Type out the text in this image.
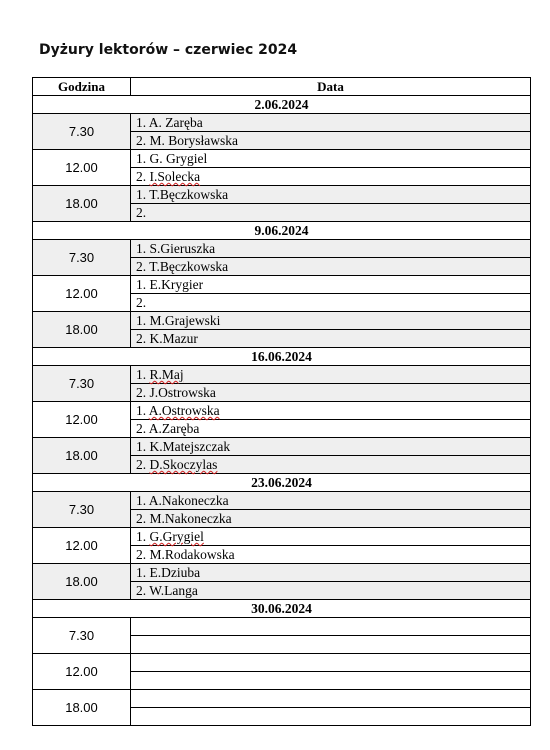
Dyżury lektorów – czerwiec 2024
Godzina	Data
2.06.2024	
7.30	1. A. Zaręba
	2. M. Borysławska
12.00	1. G. Grygiel
	2. I.Solecka
18.00	1. T.Bęczkowska
	2.
9.06.2024	
7.30	1. S.Gieruszka
	2. T.Bęczkowska
12.00	1. E.Krygier
	2.
18.00	1. M.Grajewski
	2. K.Mazur
16.06.2024	
7.30	1. R.Maj
	2. J.Ostrowska
12.00	1. A.Ostrowska
	2. A.Zaręba
18.00	1. K.Matejszczak
	2. D.Skoczylas
23.06.2024	
7.30	1. A.Nakoneczka
	2. M.Nakoneczka
12.00	1. G.Grygiel
	2. M.Rodakowska
18.00	1. E.Dziuba
	2. W.Langa
30.06.2024	
7.30	

12.00	

18.00	
